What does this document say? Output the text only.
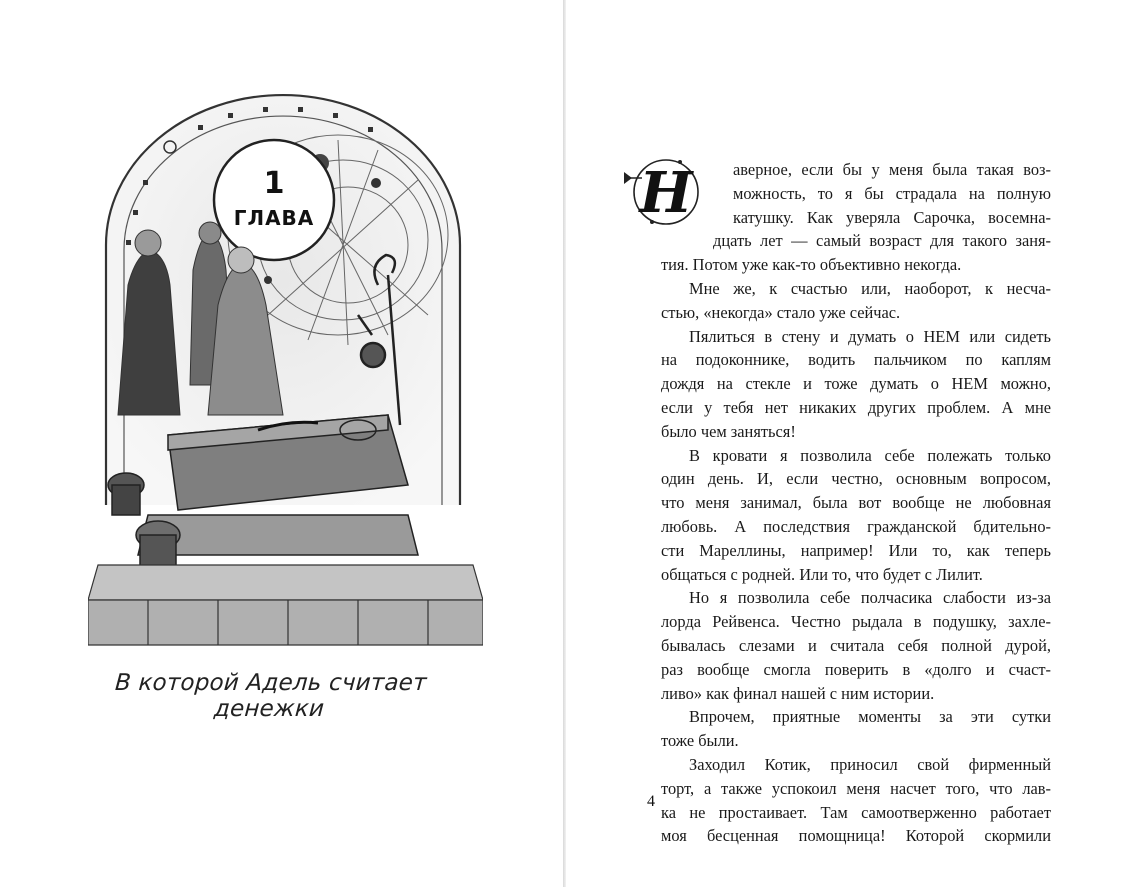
1
ГЛАВА
В которой Адель считает денежки
Н	аверное, если бы у меня была такая воз-
можность, то я бы страдала на полную
катушку. Как уверяла Сарочка, восемна-
дцать лет — самый возраст для такого заня-
тия. Потом уже как-то объективно некогда.
Мне же, к счастью или, наоборот, к несча-
стью, «некогда» стало уже сейчас.
Пялиться в стену и думать о НЕМ или сидеть
на подоконнике, водить пальчиком по каплям
дождя на стекле и тоже думать о НЕМ можно,
если у тебя нет никаких других проблем. А мне
было чем заняться!
В кровати я позволила себе полежать только
один день. И, если честно, основным вопросом,
что меня занимал, была вот вообще не любовная
любовь. А последствия гражданской бдительно-
сти Мареллины, например! Или то, как теперь
общаться с родней. Или то, что будет с Лилит.
Но я позволила себе полчасика слабости из-за
лорда Рейвенса. Честно рыдала в подушку, захле-
бывалась слезами и считала себя полной дурой,
раз вообще смогла поверить в «долго и счаст-
ливо» как финал нашей с ним истории.
Впрочем, приятные моменты за эти сутки
тоже были.
Заходил Котик, приносил свой фирменный
торт, а также успокоил меня насчет того, что лав-
ка не простаивает. Там самоотверженно работает
моя бесценная помощница! Которой скормили
4
